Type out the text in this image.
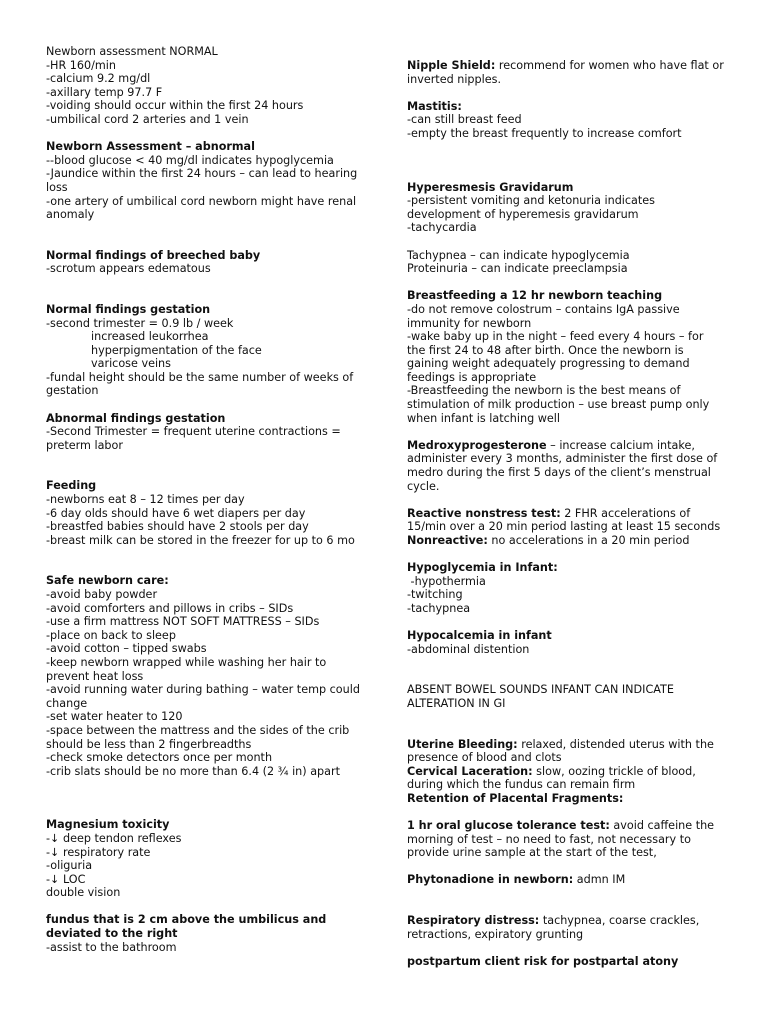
Newborn assessment NORMAL
-HR 160/min
-calcium 9.2 mg/dl
-axillary temp 97.7 F
-voiding should occur within the first 24 hours
-umbilical cord 2 arteries and 1 vein
Newborn Assessment – abnormal
--blood glucose < 40 mg/dl indicates hypoglycemia
-Jaundice within the first 24 hours – can lead to hearing loss
-one artery of umbilical cord newborn might have renal anomaly
Normal findings of breeched baby
-scrotum appears edematous
Normal findings gestation
-second trimester = 0.9 lb / week
increased leukorrhea
hyperpigmentation of the face
varicose veins
-fundal height should be the same number of weeks of gestation
Abnormal findings gestation
-Second Trimester = frequent uterine contractions = preterm labor
Feeding
-newborns eat 8 – 12 times per day
-6 day olds should have 6 wet diapers per day
-breastfed babies should have 2 stools per day
-breast milk can be stored in the freezer for up to 6 mo
Safe newborn care:
-avoid baby powder
-avoid comforters and pillows in cribs – SIDs
-use a firm mattress NOT SOFT MATTRESS – SIDs
-place on back to sleep
-avoid cotton – tipped swabs
-keep newborn wrapped while washing her hair to prevent heat loss
-avoid running water during bathing – water temp could change
-set water heater to 120
-space between the mattress and the sides of the crib should be less than 2 fingerbreadths
-check smoke detectors once per month
-crib slats should be no more than 6.4 (2 ¾ in) apart
Magnesium toxicity
-↓ deep tendon reflexes
-↓ respiratory rate
-oliguria
-↓ LOC
double vision
fundus that is 2 cm above the umbilicus and deviated to the right
-assist to the bathroom
Nipple Shield: recommend for women who have flat or inverted nipples.
Mastitis:
-can still breast feed
-empty the breast frequently to increase comfort
Hyperesmesis Gravidarum
-persistent vomiting and ketonuria indicates development of hyperemesis gravidarum
-tachycardia
Tachypnea – can indicate hypoglycemia
Proteinuria – can indicate preeclampsia
Breastfeeding a 12 hr newborn teaching
-do not remove colostrum – contains IgA passive immunity for newborn
-wake baby up in the night – feed every 4 hours – for the first 24 to 48 after birth. Once the newborn is gaining weight adequately progressing to demand feedings is appropriate
-Breastfeeding the newborn is the best means of stimulation of milk production – use breast pump only when infant is latching well
Medroxyprogesterone – increase calcium intake, administer every 3 months, administer the first dose of medro during the first 5 days of the client’s menstrual cycle.
Reactive nonstress test: 2 FHR accelerations of 15/min over a 20 min period lasting at least 15 seconds
Nonreactive: no accelerations in a 20 min period
Hypoglycemia in Infant:
-hypothermia
-twitching
-tachypnea
Hypocalcemia in infant
-abdominal distention
ABSENT BOWEL SOUNDS INFANT CAN INDICATE ALTERATION IN GI
Uterine Bleeding: relaxed, distended uterus with the presence of blood and clots
Cervical Laceration: slow, oozing trickle of blood, during which the fundus can remain firm
Retention of Placental Fragments:
1 hr oral glucose tolerance test: avoid caffeine the morning of test – no need to fast, not necessary to provide urine sample at the start of the test,
Phytonadione in newborn: admn IM
Respiratory distress: tachypnea, coarse crackles, retractions, expiratory grunting
postpartum client risk for postpartal atony
